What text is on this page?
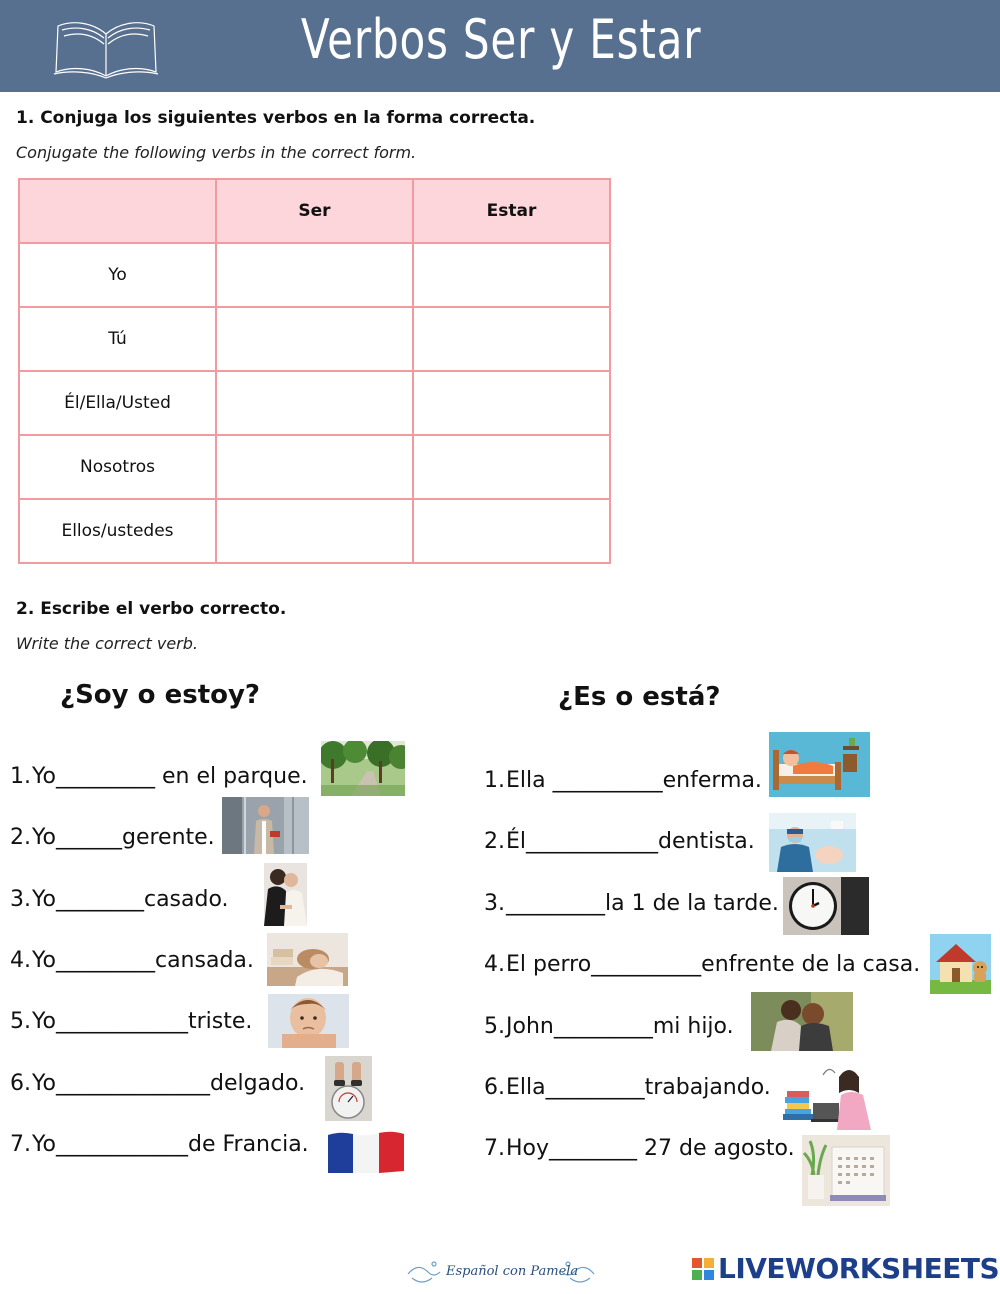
Verbos Ser y Estar
1. Conjuga los siguientes verbos en la forma correcta.
Conjugate the following verbs in the correct form.
	Ser	Estar
Yo		
Tú		
Él/Ella/Usted		
Nosotros		
Ellos/ustedes		
2. Escribe el verbo correcto.
Write the correct verb.
¿Soy o estoy?	¿Es o está?
1.Yo_________ en el parque.
2.Yo______gerente.
3.Yo________casado.
4.Yo_________cansada.
5.Yo____________triste.
6.Yo______________delgado.
7.Yo____________de Francia.
1.Ella __________enferma.
2.Él____________dentista.
3._________la 1 de la tarde.
4.El perro__________enfrente de la casa.
5.John_________mi hijo.
6.Ella_________trabajando.
7.Hoy________ 27 de agosto.
Español con Pamela	LIVEWORKSHEETS
